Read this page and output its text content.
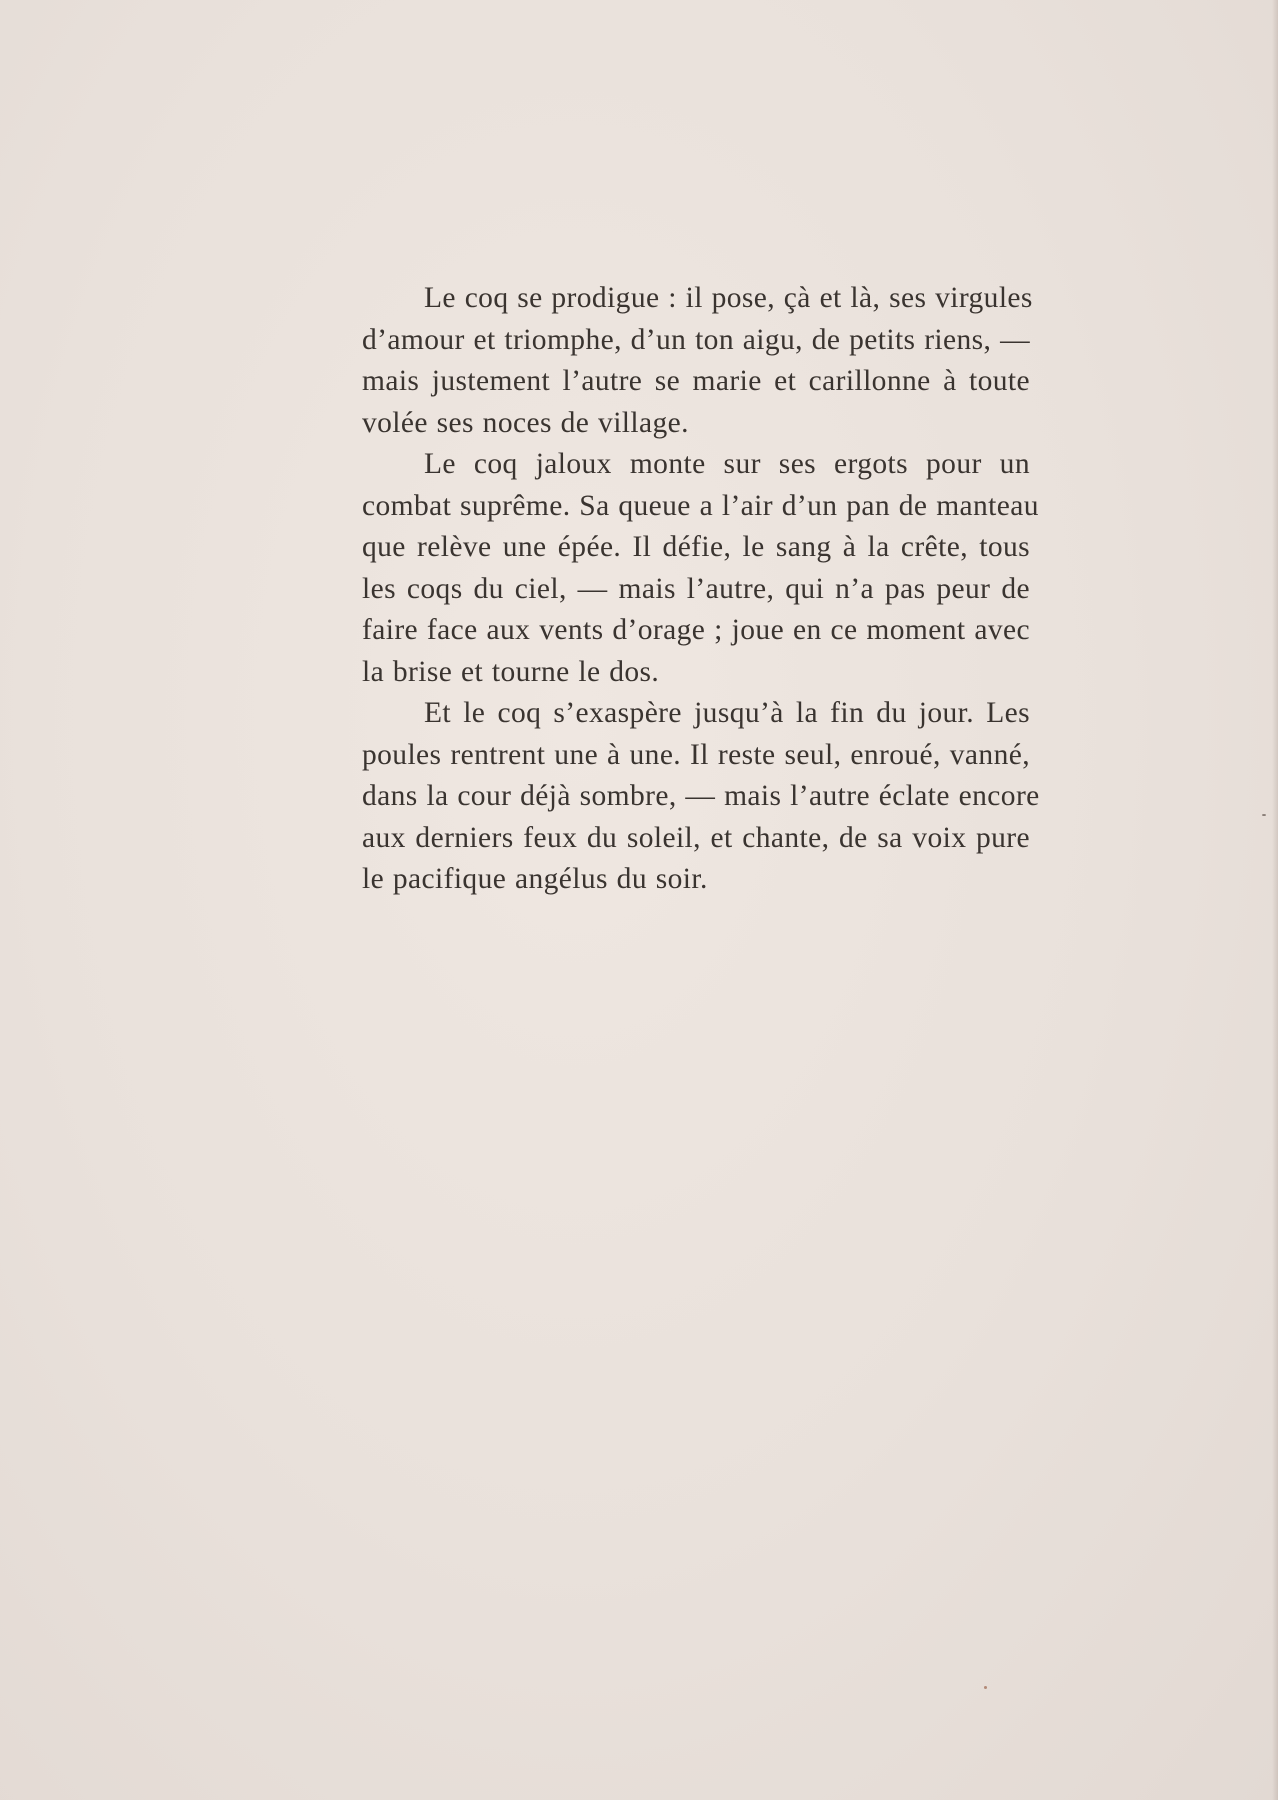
Le coq se prodigue : il pose, çà et là, ses virgules
d’amour et triomphe, d’un ton aigu, de petits riens, —
mais justement l’autre se marie et carillonne à toute
volée ses noces de village.
Le coq jaloux monte sur ses ergots pour un
combat suprême. Sa queue a l’air d’un pan de manteau
que relève une épée. Il défie, le sang à la crête, tous
les coqs du ciel, — mais l’autre, qui n’a pas peur de
faire face aux vents d’orage ; joue en ce moment avec
la brise et tourne le dos.
Et le coq s’exaspère jusqu’à la fin du jour. Les
poules rentrent une à une. Il reste seul, enroué, vanné,
dans la cour déjà sombre, — mais l’autre éclate encore
aux derniers feux du soleil, et chante, de sa voix pure
le pacifique angélus du soir.
